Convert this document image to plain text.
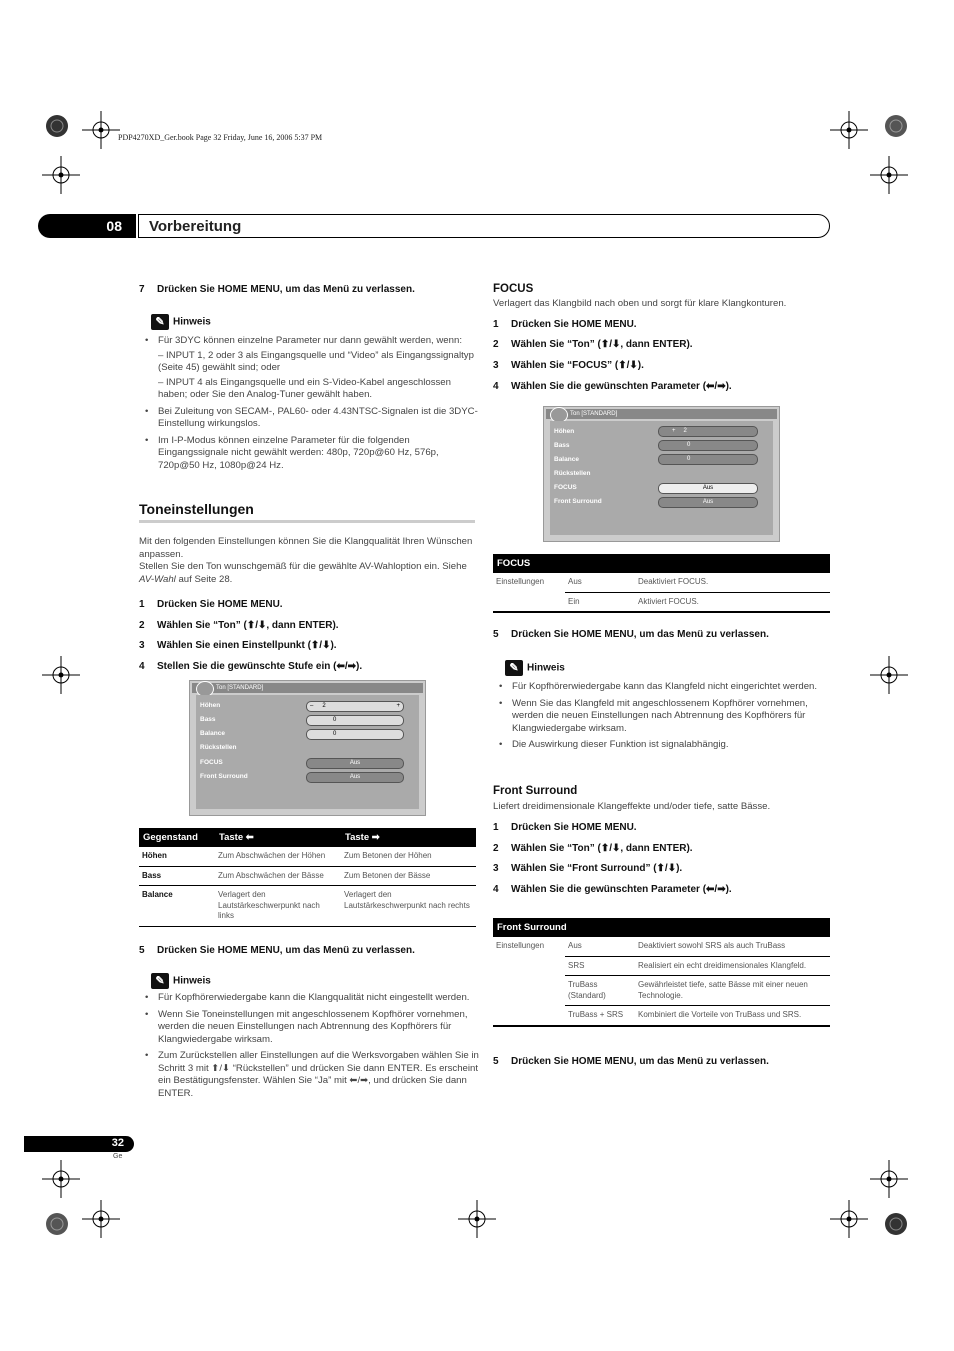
PDP4270XD_Ger.book Page 32 Friday, June 16, 2006 5:37 PM
08	Vorbereitung
7 Drücken Sie HOME MENU, um das Menü zu verlassen.
✎ Hinweis
• Für 3DYC können einzelne Parameter nur dann gewählt werden, wenn:
– INPUT 1, 2 oder 3 als Eingangsquelle und “Video” als Eingangssignaltyp (Seite 45) gewählt sind; oder
– INPUT 4 als Eingangsquelle und ein S-Video-Kabel angeschlossen haben; oder Sie den Analog-Tuner gewählt haben.
• Bei Zuleitung von SECAM-, PAL60- oder 4.43NTSC-Signalen ist die 3DYC-Einstellung wirkungslos.
• Im I-P-Modus können einzelne Parameter für die folgenden Eingangssignale nicht gewählt werden: 480p, 720p@60 Hz, 576p, 720p@50 Hz, 1080p@24 Hz.
Toneinstellungen
Mit den folgenden Einstellungen können Sie die Klangqualität Ihren Wünschen anpassen.
Stellen Sie den Ton wunschgemäß für die gewählte AV-Wahloption ein. Siehe AV-Wahl auf Seite 28.
1 Drücken Sie HOME MENU.
2 Wählen Sie “Ton” (⬆/⬇, dann ENTER).
3 Wählen Sie einen Einstellpunkt (⬆/⬇).
4 Stellen Sie die gewünschte Stufe ein (⬅/➡).
Ton [STANDARD]
Höhen
Bass
Balance
Rückstellen
FOCUS
Front Surround
– 2	+
0
0
Aus
Aus
Gegenstand	Taste ⬅	Taste ➡
Höhen	Zum Abschwächen der Höhen	Zum Betonen der Höhen
Bass	Zum Abschwächen der Bässe	Zum Betonen der Bässe
Balance	Verlagert den Lautstärkeschwerpunkt nach links	Verlagert den Lautstärkeschwerpunkt nach rechts
5 Drücken Sie HOME MENU, um das Menü zu verlassen.
✎ Hinweis
• Für Kopfhörerwiedergabe kann die Klangqualität nicht eingestellt werden.
• Wenn Sie Toneinstellungen mit angeschlossenem Kopfhörer vornehmen, werden die neuen Einstellungen nach Abtrennung des Kopfhörers für Klangwiedergabe wirksam.
• Zum Zurückstellen aller Einstellungen auf die Werksvorgaben wählen Sie in Schritt 3 mit ⬆/⬇ “Rückstellen” und drücken Sie dann ENTER. Es erscheint ein Bestätigungsfenster. Wählen Sie “Ja” mit ⬅/➡, und drücken Sie dann ENTER.
FOCUS
Verlagert das Klangbild nach oben und sorgt für klare Klangkonturen.
1 Drücken Sie HOME MENU.
2 Wählen Sie “Ton” (⬆/⬇, dann ENTER).
3 Wählen Sie “FOCUS” (⬆/⬇).
4 Wählen Sie die gewünschten Parameter (⬅/➡).
Ton [STANDARD]
Höhen
Bass
Balance
Rückstellen
FOCUS
Front Surround
+ 2
0
0
Aus
Aus
FOCUS		
Einstellungen	Aus	Deaktiviert FOCUS.
	Ein	Aktiviert FOCUS.
5 Drücken Sie HOME MENU, um das Menü zu verlassen.
✎ Hinweis
• Für Kopfhörerwiedergabe kann das Klangfeld nicht eingerichtet werden.
• Wenn Sie das Klangfeld mit angeschlossenem Kopfhörer vornehmen, werden die neuen Einstellungen nach Abtrennung des Kopfhörers für Klangwiedergabe wirksam.
• Die Auswirkung dieser Funktion ist signalabhängig.
Front Surround
Liefert dreidimensionale Klangeffekte und/oder tiefe, satte Bässe.
1 Drücken Sie HOME MENU.
2 Wählen Sie “Ton” (⬆/⬇, dann ENTER).
3 Wählen Sie “Front Surround” (⬆/⬇).
4 Wählen Sie die gewünschten Parameter (⬅/➡).
Front Surround		
Einstellungen	Aus	Deaktiviert sowohl SRS als auch TruBass
	SRS	Realisiert ein echt dreidimensionales Klangfeld.
	TruBass (Standard)	Gewährleistet tiefe, satte Bässe mit einer neuen Technologie.
	TruBass + SRS	Kombiniert die Vorteile von TruBass und SRS.
5 Drücken Sie HOME MENU, um das Menü zu verlassen.
32
Ge
